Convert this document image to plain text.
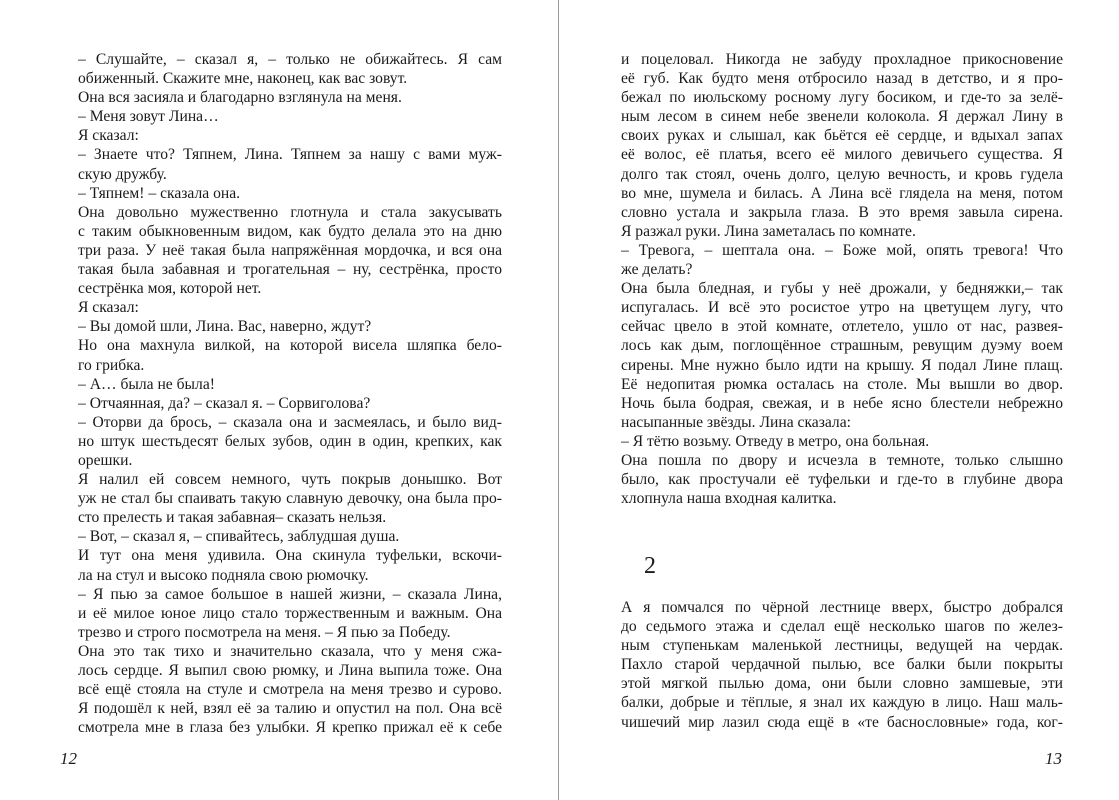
– Слушайте, – сказал я, – только не обижайтесь. Я сам
обиженный. Скажите мне, наконец, как вас зовут.
Она вся засияла и благодарно взглянула на меня.
– Меня зовут Лина…
Я сказал:
– Знаете что? Тяпнем, Лина. Тяпнем за нашу с вами муж-
скую дружбу.
– Тяпнем! – сказала она.
Она довольно мужественно глотнула и стала закусывать
с таким обыкновенным видом, как будто делала это на дню
три раза. У неё такая была напряжённая мордочка, и вся она
такая была забавная и трогательная – ну, сестрёнка, просто
сестрёнка моя, которой нет.
Я сказал:
– Вы домой шли, Лина. Вас, наверно, ждут?
Но она махнула вилкой, на которой висела шляпка бело-
го грибка.
– А… была не была!
– Отчаянная, да? – сказал я. – Сорвиголова?
– Оторви да брось, – сказала она и засмеялась, и было вид-
но штук шестьдесят белых зубов, один в один, крепких, как
орешки.
Я налил ей совсем немного, чуть покрыв донышко. Вот
уж не стал бы спаивать такую славную девочку, она была про-
сто прелесть и такая забавная– сказать нельзя.
– Вот, – сказал я, – спивайтесь, заблудшая душа.
И тут она меня удивила. Она скинула туфельки, вскочи-
ла на стул и высоко подняла свою рюмочку.
– Я пью за самое большое в нашей жизни, – сказала Лина,
и её милое юное лицо стало торжественным и важным. Она
трезво и строго посмотрела на меня. – Я пью за Победу.
Она это так тихо и значительно сказала, что у меня сжа-
лось сердце. Я выпил свою рюмку, и Лина выпила тоже. Она
всё ещё стояла на стуле и смотрела на меня трезво и сурово.
Я подошёл к ней, взял её за талию и опустил на пол. Она всё
смотрела мне в глаза без улыбки. Я крепко прижал её к себе
12
и поцеловал. Никогда не забуду прохладное прикосновение
её губ. Как будто меня отбросило назад в детство, и я про-
бежал по июльскому росному лугу босиком, и где-то за зелё-
ным лесом в синем небе звенели колокола. Я держал Лину в
своих руках и слышал, как бьётся её сердце, и вдыхал запах
её волос, её платья, всего её милого девичьего существа. Я
долго так стоял, очень долго, целую вечность, и кровь гудела
во мне, шумела и билась. А Лина всё глядела на меня, потом
словно устала и закрыла глаза. В это время завыла сирена.
Я разжал руки. Лина заметалась по комнате.
– Тревога, – шептала она. – Боже мой, опять тревога! Что
же делать?
Она была бледная, и губы у неё дрожали, у бедняжки,– так
испугалась. И всё это росистое утро на цветущем лугу, что
сейчас цвело в этой комнате, отлетело, ушло от нас, развея-
лось как дым, поглощённое страшным, ревущим дуэму воем
сирены. Мне нужно было идти на крышу. Я подал Лине плащ.
Её недопитая рюмка осталась на столе. Мы вышли во двор.
Ночь была бодрая, свежая, и в небе ясно блестели небрежно
насыпанные звёзды. Лина сказала:
– Я тётю возьму. Отведу в метро, она больная.
Она пошла по двору и исчезла в темноте, только слышно
было, как простучали её туфельки и где-то в глубине двора
хлопнула наша входная калитка.
2
А я помчался по чёрной лестнице вверх, быстро добрался
до седьмого этажа и сделал ещё несколько шагов по желез-
ным ступенькам маленькой лестницы, ведущей на чердак.
Пахло старой чердачной пылью, все балки были покрыты
этой мягкой пылью дома, они были словно замшевые, эти
балки, добрые и тёплые, я знал их каждую в лицо. Наш маль-
чишечий мир лазил сюда ещё в «те баснословные» года, ког-
13
